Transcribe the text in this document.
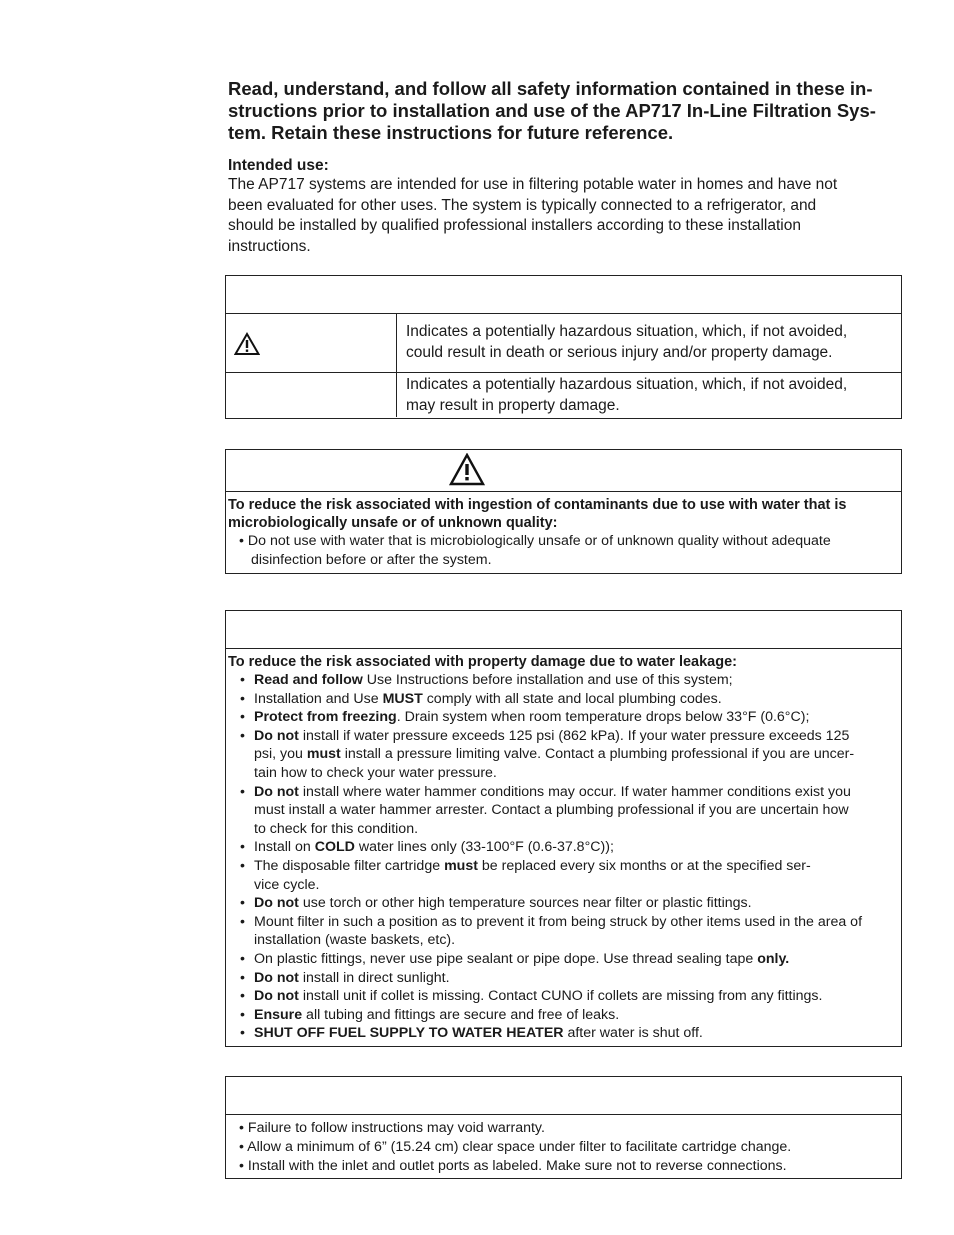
Read, understand, and follow all safety information contained in these in-
structions prior to installation and use of the AP717 In-Line Filtration Sys-
tem. Retain these instructions for future reference.

Intended use:

The AP717 systems are intended for use in filtering potable water in homes and have not
been evaluated for other uses. The system is typically connected to a refrigerator, and
should be installed by qualified professional installers according to these installation
instructions.

Indicates a potentially hazardous situation, which, if not avoided,
could result in death or serious injury and/or property damage.
Indicates a potentially hazardous situation, which, if not avoided,
may result in property damage.

To reduce the risk associated with ingestion of contaminants due to use with water that is
microbiologically unsafe or of unknown quality:

• Do not use with water that is microbiologically unsafe or of unknown quality without adequate
disinfection before or after the system.

To reduce the risk associated with property damage due to water leakage:

• Read and follow Use Instructions before installation and use of this system;
• Installation and Use MUST comply with all state and local plumbing codes.
• Protect from freezing. Drain system when room temperature drops below 33°F (0.6°C);
• Do not install if water pressure exceeds 125 psi (862 kPa). If your water pressure exceeds 125
psi, you must install a pressure limiting valve. Contact a plumbing professional if you are uncer-
tain how to check your water pressure.
• Do not install where water hammer conditions may occur. If water hammer conditions exist you
must install a water hammer arrester. Contact a plumbing professional if you are uncertain how
to check for this condition.
• Install on COLD water lines only (33-100°F (0.6-37.8°C));
• The disposable filter cartridge must be replaced every six months or at the specified ser-
vice cycle.
• Do not use torch or other high temperature sources near filter or plastic fittings.
• Mount filter in such a position as to prevent it from being struck by other items used in the area of
installation (waste baskets, etc).
• On plastic fittings, never use pipe sealant or pipe dope. Use thread sealing tape only.
• Do not install in direct sunlight.
• Do not install unit if collet is missing. Contact CUNO if collets are missing from any fittings.
• Ensure all tubing and fittings are secure and free of leaks.
• SHUT OFF FUEL SUPPLY TO WATER HEATER after water is shut off.
• Failure to follow instructions may void warranty.
• Allow a minimum of 6” (15.24 cm) clear space under filter to facilitate cartridge change.
• Install with the inlet and outlet ports as labeled. Make sure not to reverse connections.
